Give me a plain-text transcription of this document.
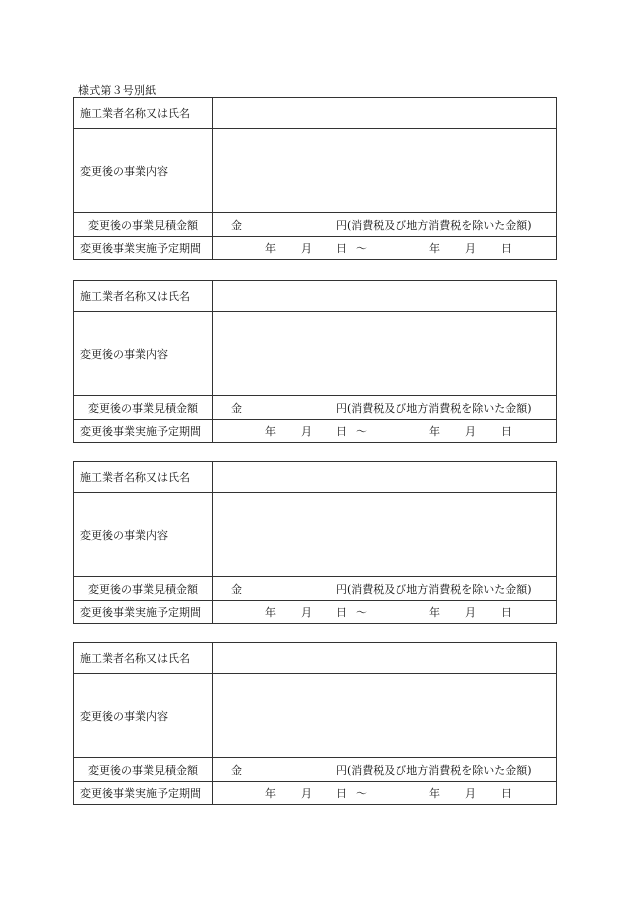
様式第３号別紙
施工業者名称又は氏名
変更後の事業内容
変更後の事業見積金額	金	円(消費税及び地方消費税を除いた金額)
変更後事業実施予定期間	年 月 日 ～	年 月 日
施工業者名称又は氏名
変更後の事業内容
変更後の事業見積金額	金	円(消費税及び地方消費税を除いた金額)
変更後事業実施予定期間	年 月 日 ～	年 月 日
施工業者名称又は氏名
変更後の事業内容
変更後の事業見積金額	金	円(消費税及び地方消費税を除いた金額)
変更後事業実施予定期間	年 月 日 ～	年 月 日
施工業者名称又は氏名
変更後の事業内容
変更後の事業見積金額	金	円(消費税及び地方消費税を除いた金額)
変更後事業実施予定期間	年 月 日 ～	年 月 日
